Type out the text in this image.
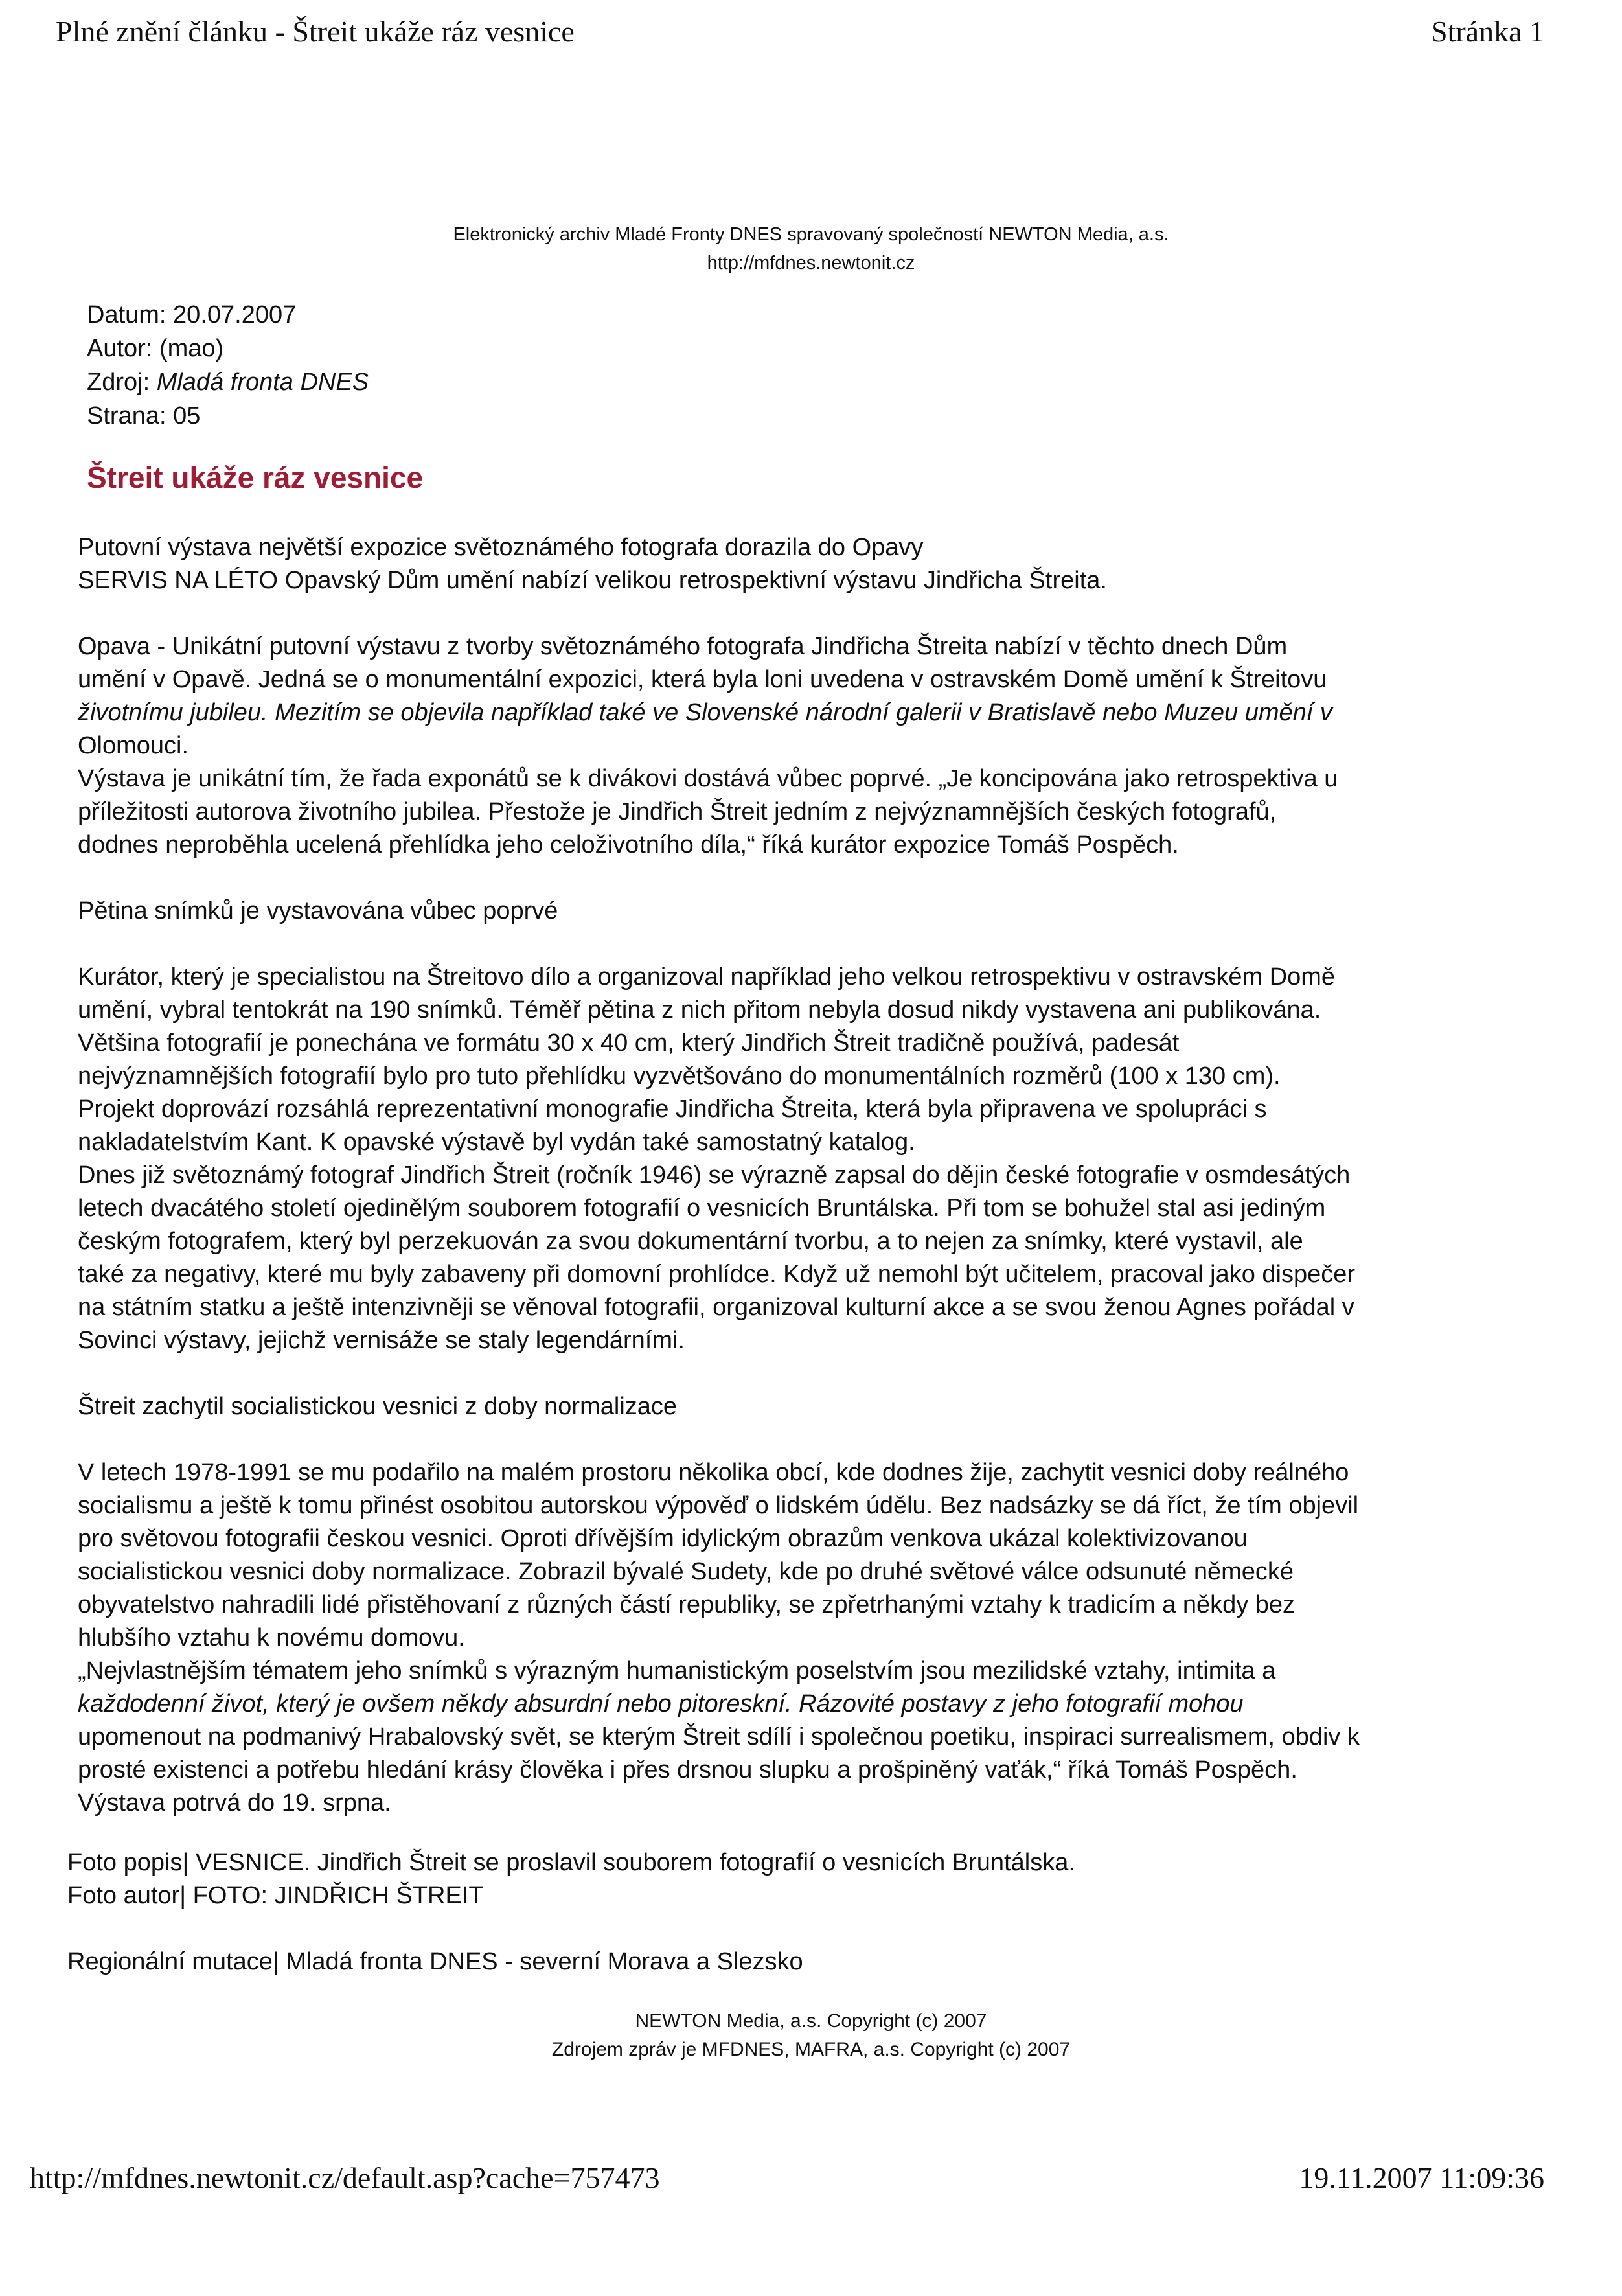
Plné znění článku - Štreit ukáže ráz vesnice	Stránka 1
Elektronický archiv Mladé Fronty DNES spravovaný společností NEWTON Media, a.s.
http://mfdnes.newtonit.cz
Datum: 20.07.2007
Autor: (mao)
Zdroj: Mladá fronta DNES
Strana: 05
Štreit ukáže ráz vesnice

Putovní výstava největší expozice světoznámého fotografa dorazila do Opavy

SERVIS NA LÉTO Opavský Dům umění nabízí velikou retrospektivní výstavu Jindřicha Štreita.

Opava - Unikátní putovní výstavu z tvorby světoznámého fotografa Jindřicha Štreita nabízí v těchto dnech Dům

umění v Opavě. Jedná se o monumentální expozici, která byla loni uvedena v ostravském Domě umění k Štreitovu

životnímu jubileu. Mezitím se objevila například také ve Slovenské národní galerii v Bratislavě nebo Muzeu umění v

Olomouci.

Výstava je unikátní tím, že řada exponátů se k divákovi dostává vůbec poprvé. „Je koncipována jako retrospektiva u

příležitosti autorova životního jubilea. Přestože je Jindřich Štreit jedním z nejvýznamnějších českých fotografů,

dodnes neproběhla ucelená přehlídka jeho celoživotního díla,“ říká kurátor expozice Tomáš Pospěch.

Pětina snímků je vystavována vůbec poprvé

Kurátor, který je specialistou na Štreitovo dílo a organizoval například jeho velkou retrospektivu v ostravském Domě

umění, vybral tentokrát na 190 snímků. Téměř pětina z nich přitom nebyla dosud nikdy vystavena ani publikována.

Většina fotografií je ponechána ve formátu 30 x 40 cm, který Jindřich Štreit tradičně používá, padesát

nejvýznamnějších fotografií bylo pro tuto přehlídku vyzvětšováno do monumentálních rozměrů (100 x 130 cm).

Projekt doprovází rozsáhlá reprezentativní monografie Jindřicha Štreita, která byla připravena ve spolupráci s

nakladatelstvím Kant. K opavské výstavě byl vydán také samostatný katalog.

Dnes již světoznámý fotograf Jindřich Štreit (ročník 1946) se výrazně zapsal do dějin české fotografie v osmdesátých

letech dvacátého století ojedinělým souborem fotografií o vesnicích Bruntálska. Při tom se bohužel stal asi jediným

českým fotografem, který byl perzekuován za svou dokumentární tvorbu, a to nejen za snímky, které vystavil, ale

také za negativy, které mu byly zabaveny při domovní prohlídce. Když už nemohl být učitelem, pracoval jako dispečer

na státním statku a ještě intenzivněji se věnoval fotografii, organizoval kulturní akce a se svou ženou Agnes pořádal v

Sovinci výstavy, jejichž vernisáže se staly legendárními.

Štreit zachytil socialistickou vesnici z doby normalizace

V letech 1978-1991 se mu podařilo na malém prostoru několika obcí, kde dodnes žije, zachytit vesnici doby reálného

socialismu a ještě k tomu přinést osobitou autorskou výpověď o lidském údělu. Bez nadsázky se dá říct, že tím objevil

pro světovou fotografii českou vesnici. Oproti dřívějším idylickým obrazům venkova ukázal kolektivizovanou

socialistickou vesnici doby normalizace. Zobrazil bývalé Sudety, kde po druhé světové válce odsunuté německé

obyvatelstvo nahradili lidé přistěhovaní z různých částí republiky, se zpřetrhanými vztahy k tradicím a někdy bez

hlubšího vztahu k novému domovu.

„Nejvlastnějším tématem jeho snímků s výrazným humanistickým poselstvím jsou mezilidské vztahy, intimita a

každodenní život, který je ovšem někdy absurdní nebo pitoreskní. Rázovité postavy z jeho fotografií mohou

upomenout na podmanivý Hrabalovský svět, se kterým Štreit sdílí i společnou poetiku, inspiraci surrealismem, obdiv k

prosté existenci a potřebu hledání krásy člověka i přes drsnou slupku a prošpiněný vaťák,“ říká Tomáš Pospěch.

Výstava potrvá do 19. srpna.

Foto popis| VESNICE. Jindřich Štreit se proslavil souborem fotografií o vesnicích Bruntálska.

Foto autor| FOTO: JINDŘICH ŠTREIT

Regionální mutace| Mladá fronta DNES - severní Morava a Slezsko

NEWTON Media, a.s. Copyright (c) 2007
Zdrojem zpráv je MFDNES, MAFRA, a.s. Copyright (c) 2007
http://mfdnes.newtonit.cz/default.asp?cache=757473	19.11.2007 11:09:36
